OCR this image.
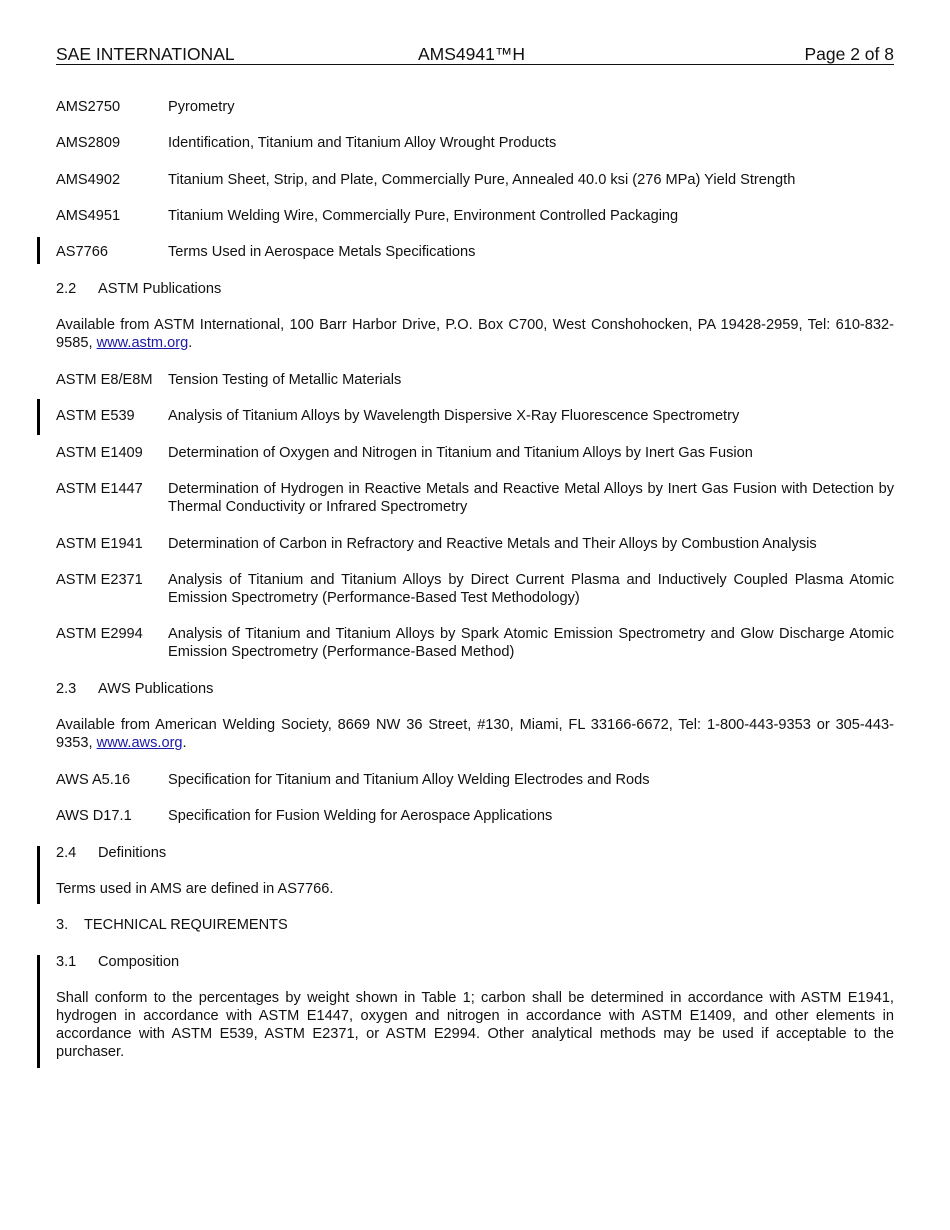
SAE INTERNATIONAL	AMS4941™H	Page 2 of 8
AMS2750	Pyrometry
AMS2809	Identification, Titanium and Titanium Alloy Wrought Products
AMS4902	Titanium Sheet, Strip, and Plate, Commercially Pure, Annealed 40.0 ksi (276 MPa) Yield Strength
AMS4951	Titanium Welding Wire, Commercially Pure, Environment Controlled Packaging
AS7766	Terms Used in Aerospace Metals Specifications
2.2 ASTM Publications
Available from ASTM International, 100 Barr Harbor Drive, P.O. Box C700, West Conshohocken, PA 19428-2959, Tel: 610-832-9585, www.astm.org.
ASTM E8/E8M Tension Testing of Metallic Materials
ASTM E539 Analysis of Titanium Alloys by Wavelength Dispersive X-Ray Fluorescence Spectrometry
ASTM E1409 Determination of Oxygen and Nitrogen in Titanium and Titanium Alloys by Inert Gas Fusion
ASTM E1447 Determination of Hydrogen in Reactive Metals and Reactive Metal Alloys by Inert Gas Fusion with Detection by Thermal Conductivity or Infrared Spectrometry
ASTM E1941 Determination of Carbon in Refractory and Reactive Metals and Their Alloys by Combustion Analysis
ASTM E2371 Analysis of Titanium and Titanium Alloys by Direct Current Plasma and Inductively Coupled Plasma Atomic Emission Spectrometry (Performance-Based Test Methodology)
ASTM E2994 Analysis of Titanium and Titanium Alloys by Spark Atomic Emission Spectrometry and Glow Discharge Atomic Emission Spectrometry (Performance-Based Method)
2.3 AWS Publications
Available from American Welding Society, 8669 NW 36 Street, #130, Miami, FL 33166-6672, Tel: 1-800-443-9353 or 305-443-9353, www.aws.org.
AWS A5.16	Specification for Titanium and Titanium Alloy Welding Electrodes and Rods
AWS D17.1 Specification for Fusion Welding for Aerospace Applications
2.4 Definitions
Terms used in AMS are defined in AS7766.
3. TECHNICAL REQUIREMENTS
3.1 Composition
Shall conform to the percentages by weight shown in Table 1; carbon shall be determined in accordance with ASTM E1941, hydrogen in accordance with ASTM E1447, oxygen and nitrogen in accordance with ASTM E1409, and other elements in accordance with ASTM E539, ASTM E2371, or ASTM E2994. Other analytical methods may be used if acceptable to the purchaser.
